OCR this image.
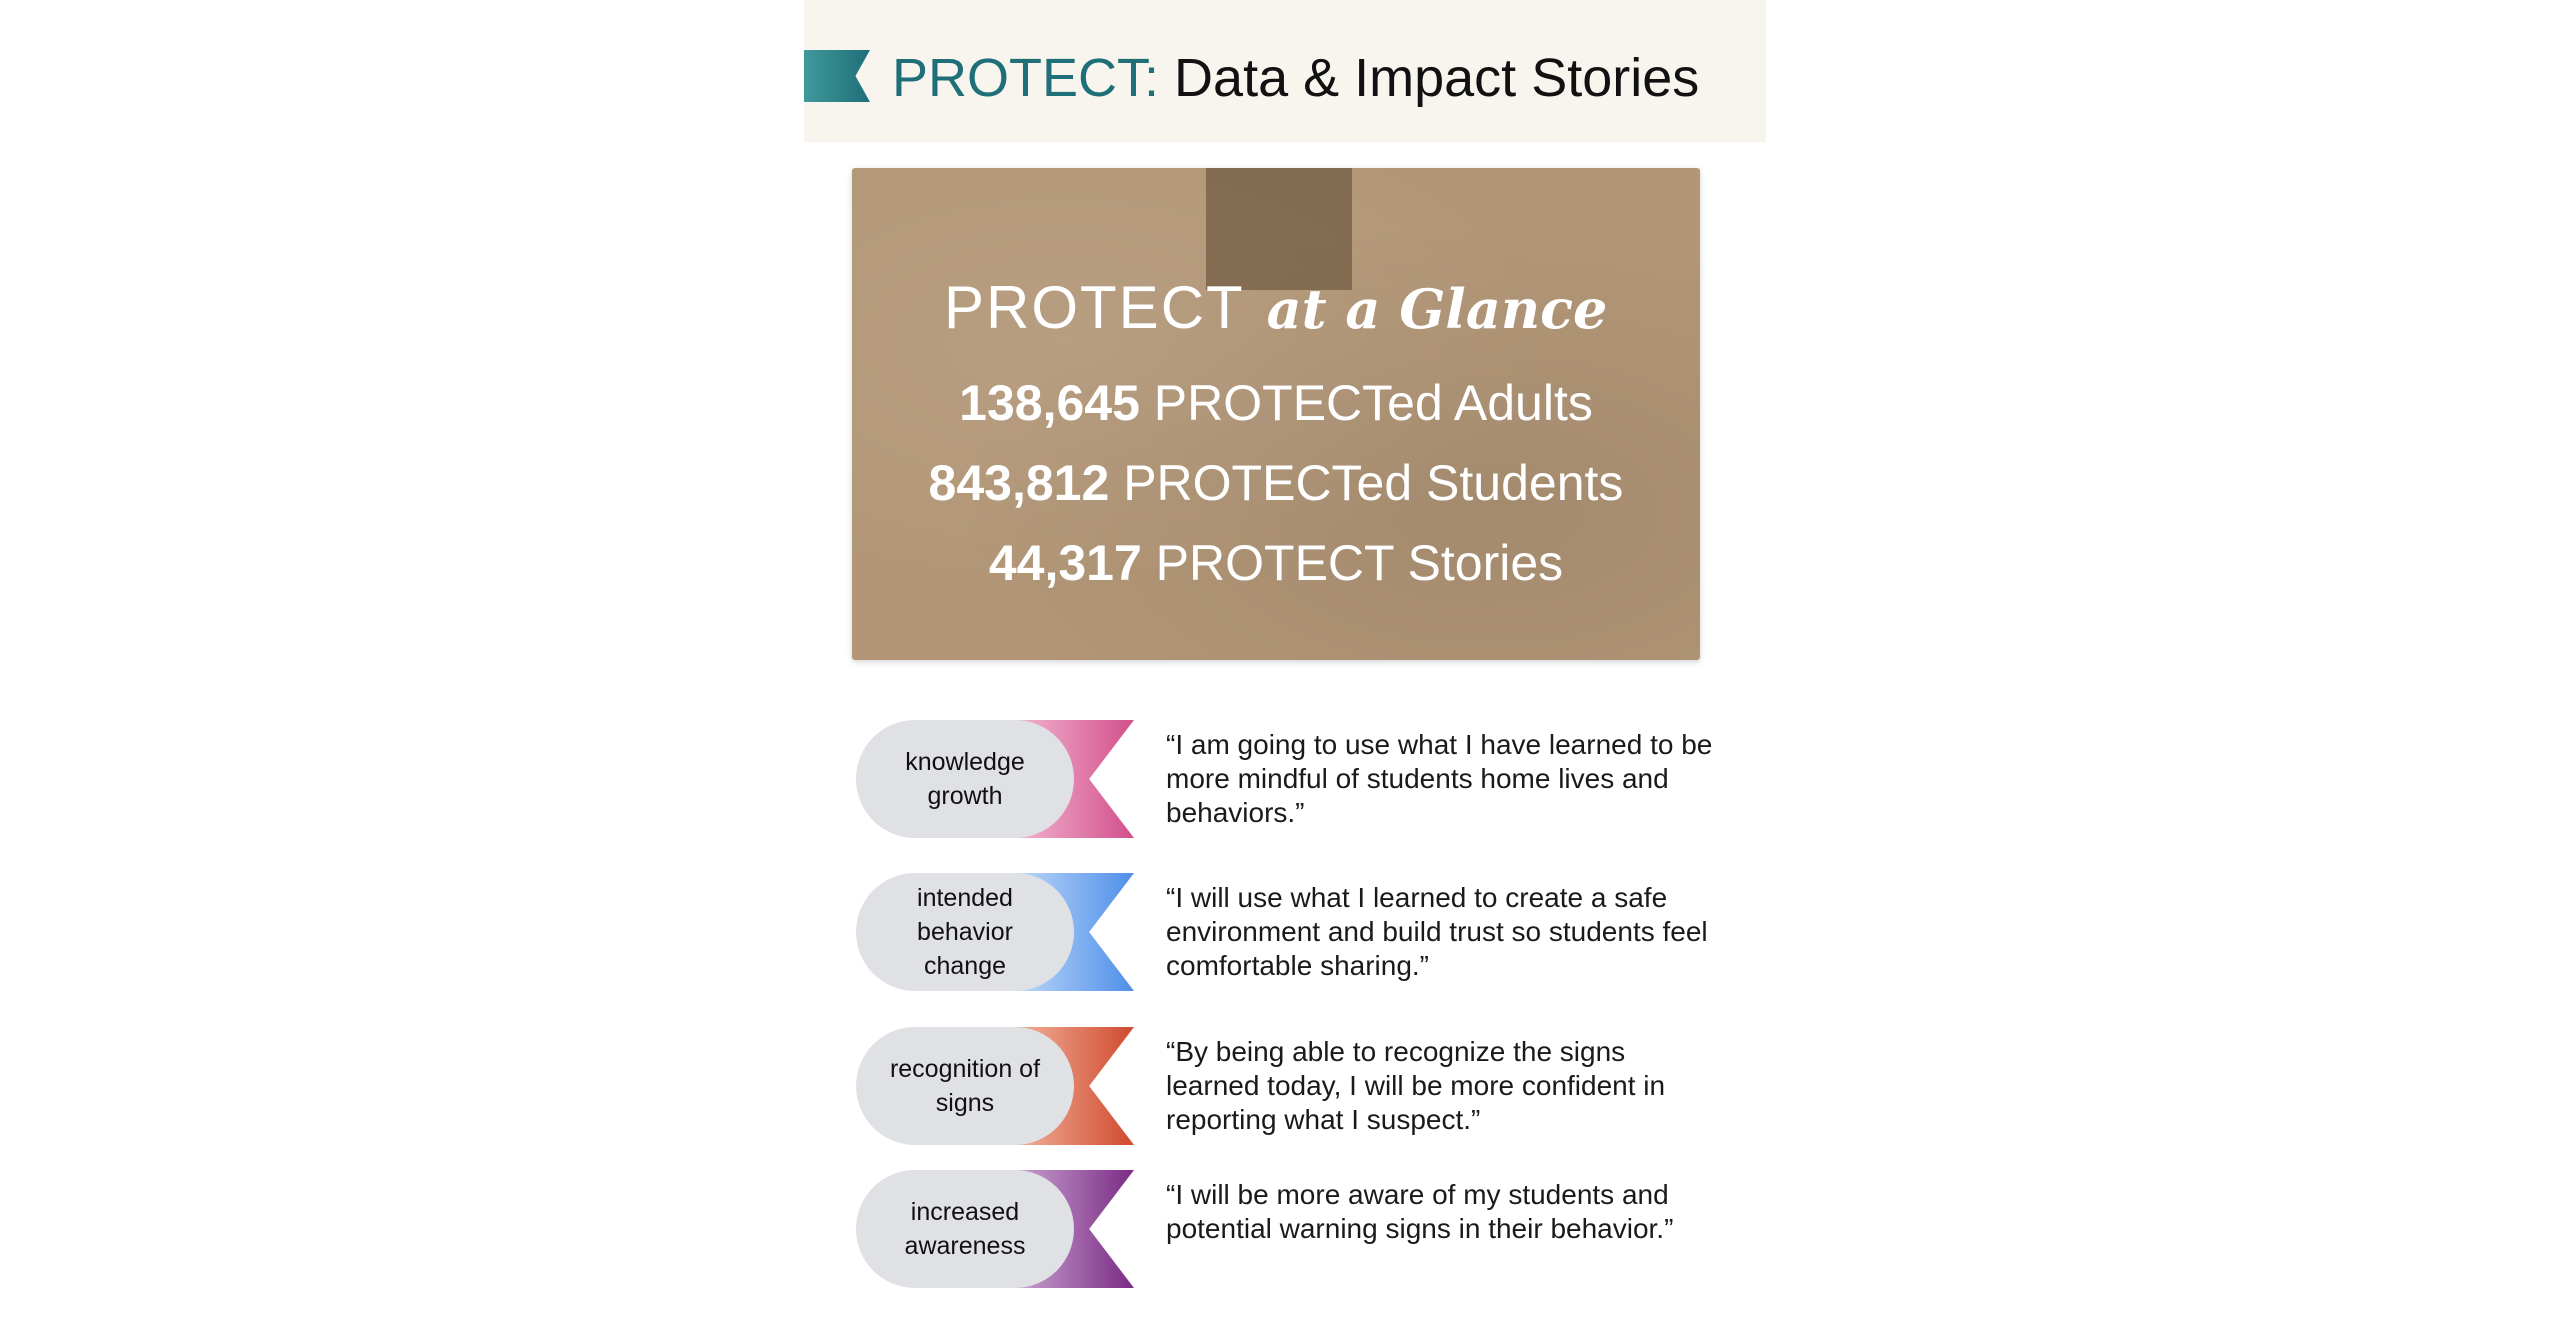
PROTECT: Data & Impact Stories
PROTECT at a Glance
138,645 PROTECTed Adults
843,812 PROTECTed Students
44,317 PROTECT Stories
knowledge
growth
“I am going to use what I have learned to be more mindful of students home lives and behaviors.”
intended
behavior
change
“I will use what I learned to create a safe environment and build trust so students feel comfortable sharing.”
recognition of
signs
“By being able to recognize the signs learned today, I will be more confident in reporting what I suspect.”
increased
awareness
“I will be more aware of my students and potential warning signs in their behavior.”
